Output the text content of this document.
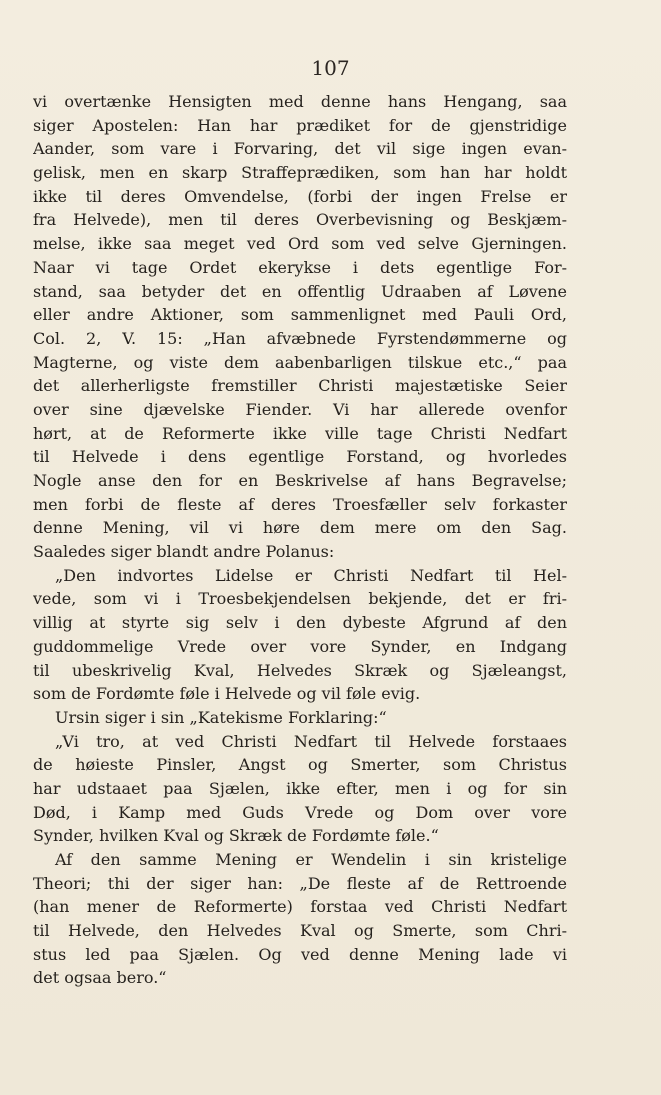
107
vi overtænke Hensigten med denne hans Hengang, saa
siger Apostelen: Han har prædiket for de gjenstridige
Aander, som vare i Forvaring, det vil sige ingen evan-
gelisk, men en skarp Straffeprædiken, som han har holdt
ikke til deres Omvendelse, (forbi der ingen Frelse er
fra Helvede), men til deres Overbevisning og Beskjæm-
melse, ikke saa meget ved Ord som ved selve Gjerningen.
Naar vi tage Ordet ekerykse i dets egentlige For-
stand, saa betyder det en offentlig Udraaben af Løvene
eller andre Aktioner, som sammenlignet med Pauli Ord,
Col. 2, V. 15: „Han afvæbnede Fyrstendømmerne og
Magterne, og viste dem aabenbarligen tilskue etc.,“ paa
det allerherligste fremstiller Christi majestætiske Seier
over sine djævelske Fiender. Vi har allerede ovenfor
hørt, at de Reformerte ikke ville tage Christi Nedfart
til Helvede i dens egentlige Forstand, og hvorledes
Nogle anse den for en Beskrivelse af hans Begravelse;
men forbi de fleste af deres Troesfæller selv forkaster
denne Mening, vil vi høre dem mere om den Sag.
Saaledes siger blandt andre Polanus:
„Den indvortes Lidelse er Christi Nedfart til Hel-
vede, som vi i Troesbekjendelsen bekjende, det er fri-
villig at styrte sig selv i den dybeste Afgrund af den
guddommelige Vrede over vore Synder, en Indgang
til ubeskrivelig Kval, Helvedes Skræk og Sjæleangst,
som de Fordømte føle i Helvede og vil føle evig.
Ursin siger i sin „Katekisme Forklaring:“
„Vi tro, at ved Christi Nedfart til Helvede forstaaes
de høieste Pinsler, Angst og Smerter, som Christus
har udstaaet paa Sjælen, ikke efter, men i og for sin
Død, i Kamp med Guds Vrede og Dom over vore
Synder, hvilken Kval og Skræk de Fordømte føle.“
Af den samme Mening er Wendelin i sin kristelige
Theori; thi der siger han: „De fleste af de Rettroende
(han mener de Reformerte) forstaa ved Christi Nedfart
til Helvede, den Helvedes Kval og Smerte, som Chri-
stus led paa Sjælen. Og ved denne Mening lade vi
det ogsaa bero.“
